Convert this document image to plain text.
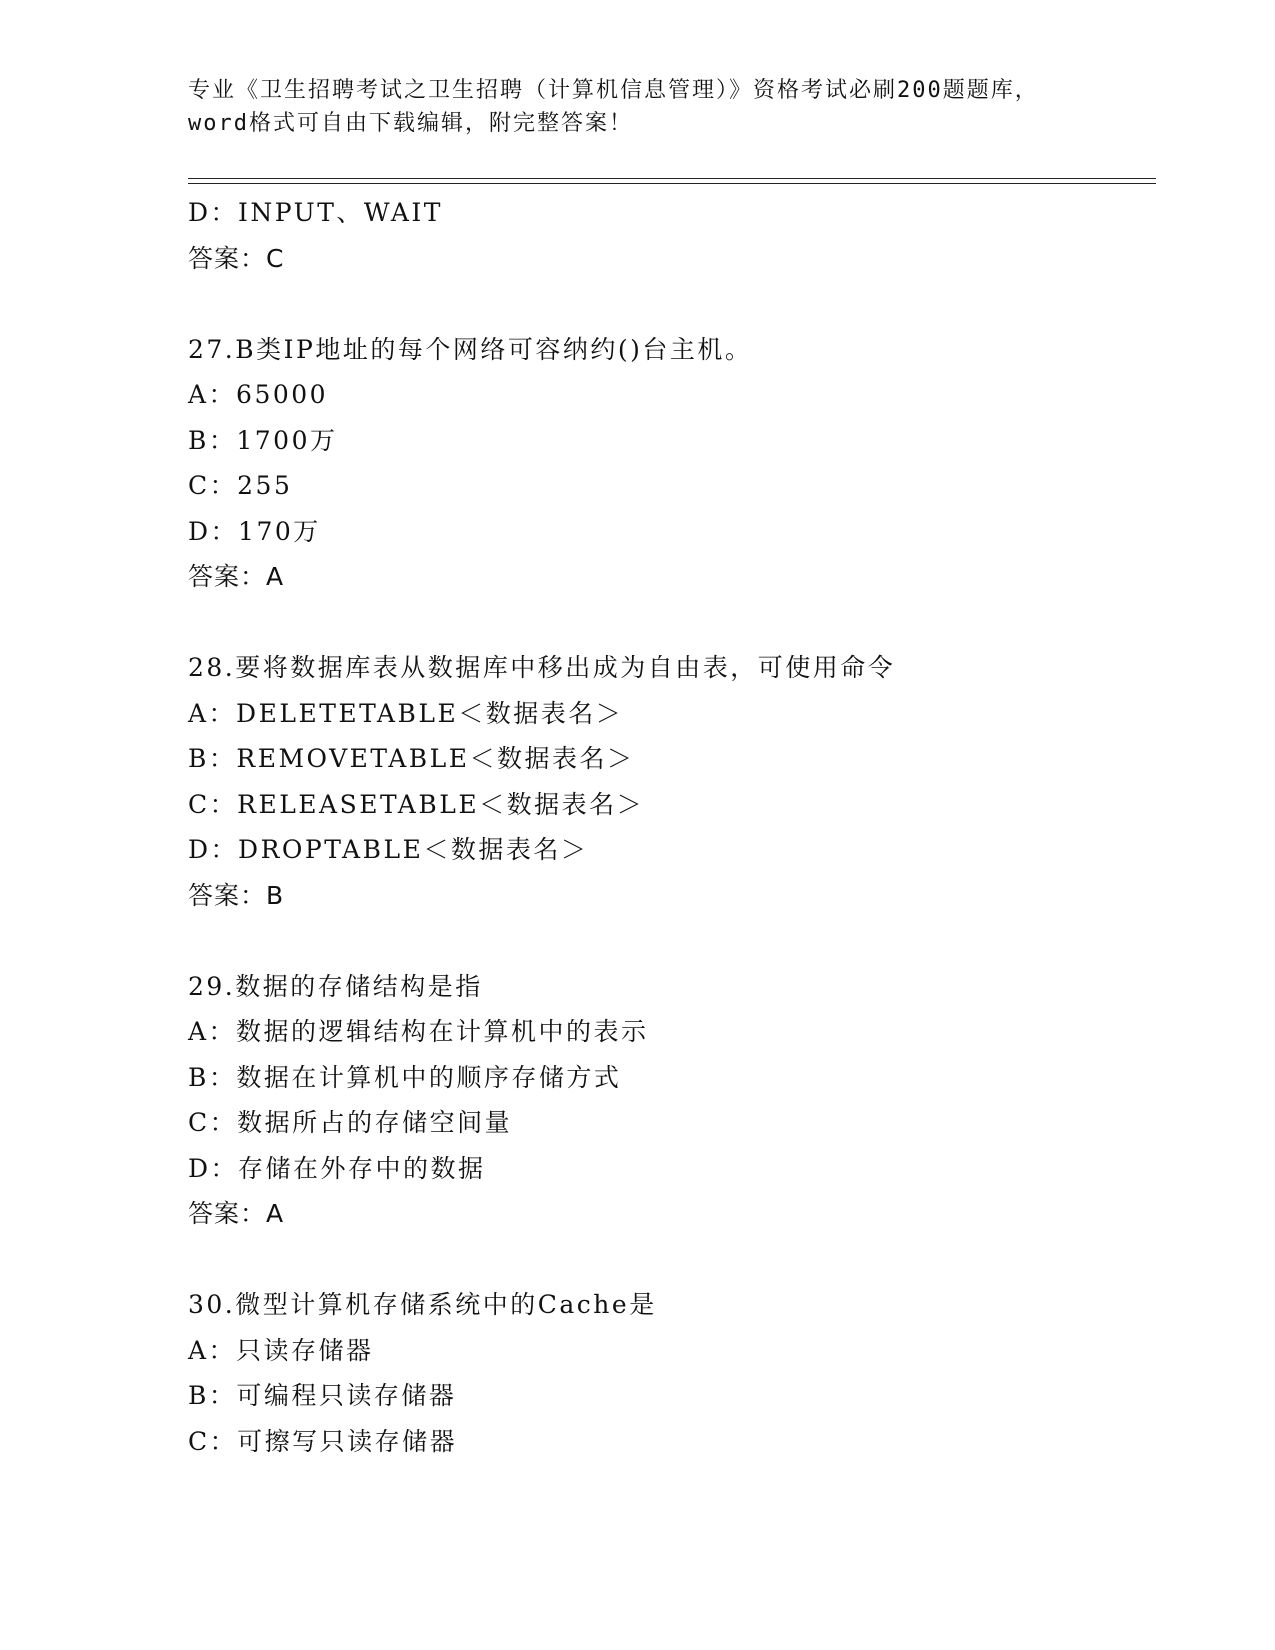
专业《卫生招聘考试之卫生招聘（计算机信息管理）》资格考试必刷200题题库，
word格式可自由下载编辑，附完整答案！
D：INPUT、WAIT
答案：C
27.B类IP地址的每个网络可容纳约()台主机。
A：65000
B：1700万
C：255
D：170万
答案：A
28.要将数据库表从数据库中移出成为自由表，可使用命令
A：DELETETABLE＜数据表名＞
B：REMOVETABLE＜数据表名＞
C：RELEASETABLE＜数据表名＞
D：DROPTABLE＜数据表名＞
答案：B
29.数据的存储结构是指
A：数据的逻辑结构在计算机中的表示
B：数据在计算机中的顺序存储方式
C：数据所占的存储空间量
D：存储在外存中的数据
答案：A
30.微型计算机存储系统中的Cache是
A：只读存储器
B：可编程只读存储器
C：可擦写只读存储器
